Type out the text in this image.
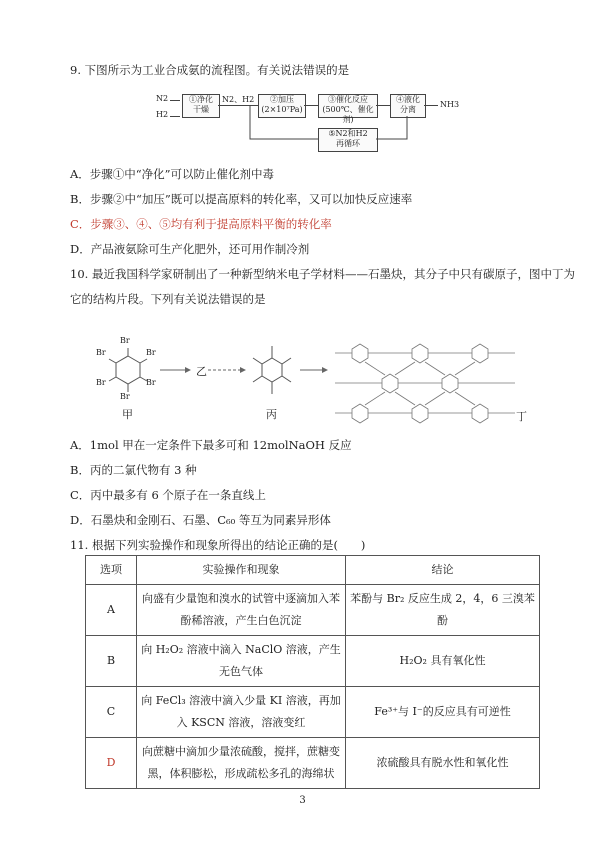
9. 下图所示为工业合成氨的流程图。有关说法错误的是
N2
H2
①净化
干燥
N2、H2	②加压
(2×10⁷Pa)
③催化反应
(500℃、催化剂)
④液化
分离
NH3
⑤N2和H2
再循环
A．步骤①中“净化”可以防止催化剂中毒
B．步骤②中“加压”既可以提高原料的转化率，又可以加快反应速率
C．步骤③、④、⑤均有利于提高原料平衡的转化率
D．产品液氨除可生产化肥外，还可用作制冷剂
10. 最近我国科学家研制出了一种新型纳米电子学材料——石墨炔，其分子中只有碳原子，图中丁为
它的结构片段。下列有关说法错误的是
Br
Br	Br
Br	Br
Br
乙
甲	丙	丁
A．1mol 甲在一定条件下最多可和 12molNaOH 反应
B．丙的二氯代物有 3 种
C．丙中最多有 6 个原子在一条直线上
D．石墨炔和金刚石、石墨、C₆₀ 等互为同素异形体
11. 根据下列实验操作和现象所得出的结论正确的是(　　)
选项	实验操作和现象	结论
A	向盛有少量饱和溴水的试管中逐滴加入苯酚稀溶液，产生白色沉淀	苯酚与 Br₂ 反应生成 2，4，6 三溴苯酚
B	向 H₂O₂ 溶液中滴入 NaClO 溶液，产生无色气体	H₂O₂ 具有氧化性
C	向 FeCl₃ 溶液中滴入少量 KI 溶液，再加入 KSCN 溶液，溶液变红	Fe³⁺与 I⁻的反应具有可逆性
D	向蔗糖中滴加少量浓硫酸，搅拌，蔗糖变黑，体积膨松，形成疏松多孔的海绵状	浓硫酸具有脱水性和氧化性
3
